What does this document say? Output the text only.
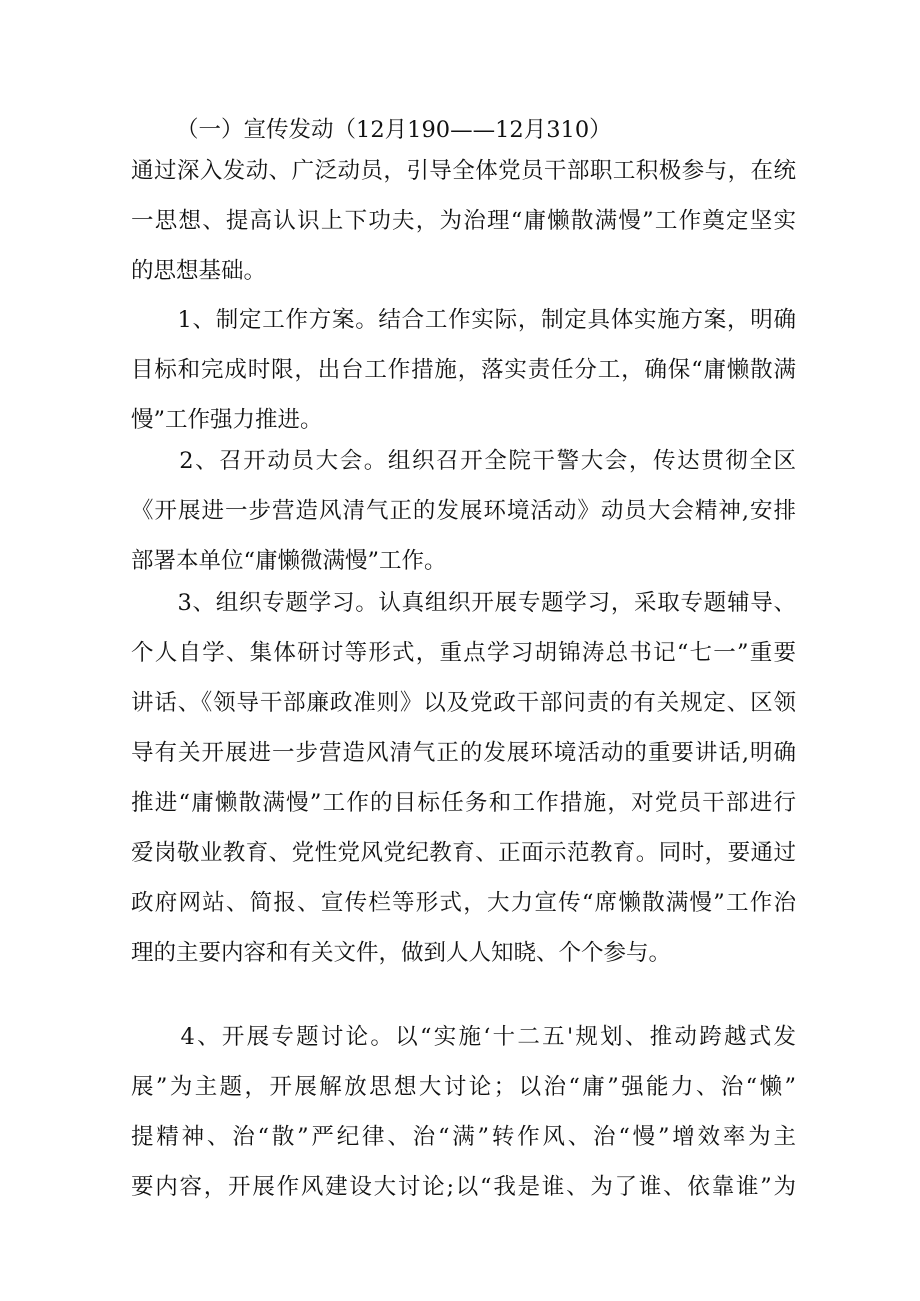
（一）宣传发动（12月190——12月310）
通过深入发动、广泛动员，引导全体党员干部职工积极参与，在统
一思想、提高认识上下功夫，为治理“庸懒散满慢”工作奠定坚实
的思想基础。
　　1、制定工作方案。结合工作实际，制定具体实施方案，明确
目标和完成时限，出台工作措施，落实责任分工，确保“庸懒散满
慢”工作强力推进。
　　2、召开动员大会。组织召开全院干警大会，传达贯彻全区
《开展进一步营造风清气正的发展环境活动》动员大会精神,安排
部署本单位“庸懒微满慢”工作。
　　3、组织专题学习。认真组织开展专题学习，采取专题辅导、
个人自学、集体研讨等形式，重点学习胡锦涛总书记“七一”重要
讲话、《领导干部廉政准则》以及党政干部问责的有关规定、区领
导有关开展进一步营造风清气正的发展环境活动的重要讲话,明确
推进“庸懒散满慢”工作的目标任务和工作措施，对党员干部进行
爱岗敬业教育、党性党风党纪教育、正面示范教育。同时，要通过
政府网站、简报、宣传栏等形式，大力宣传“席懒散满慢”工作治
理的主要内容和有关文件，做到人人知晓、个个参与。
　　4、开展专题讨论。以“实施‘十二五'规划、推动跨越式发
展”为主题，开展解放思想大讨论；以治“庸”强能力、治“懒”
提精神、治“散”严纪律、治“满”转作风、治“慢”增效率为主
要内容，开展作风建设大讨论;以“我是谁、为了谁、依靠谁”为
